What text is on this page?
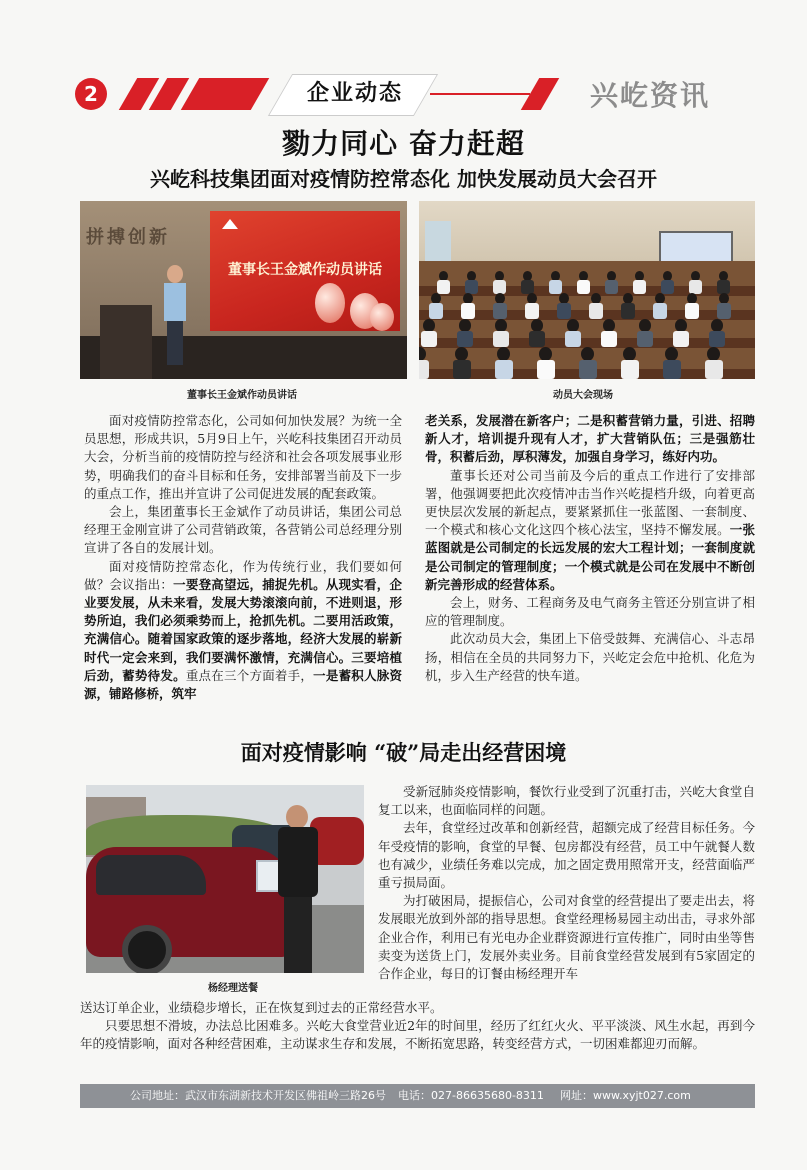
2	企业动态	兴屹资讯
勠力同心 奋力赶超
兴屹科技集团面对疫情防控常态化 加快发展动员大会召开
拼搏创新
董事长王金斌作动员讲话
董事长王金斌作动员讲话	动员大会现场

面对疫情防控常态化，公司如何加快发展？为统一全员思想，形成共识，5月9日上午，兴屹科技集团召开动员大会，分析当前的疫情防控与经济和社会各项发展事业形势，明确我们的奋斗目标和任务，安排部署当前及下一步的重点工作，推出并宣讲了公司促进发展的配套政策。

会上，集团董事长王金斌作了动员讲话，集团公司总经理王金刚宣讲了公司营销政策，各营销公司总经理分别宣讲了各自的发展计划。

面对疫情防控常态化，作为传统行业，我们要如何做？会议指出：一要登高望远，捕捉先机。从现实看，企业要发展，从未来看，发展大势滚滚向前，不进则退，形势所迫，我们必须乘势而上，抢抓先机。二要用活政策，充满信心。随着国家政策的逐步落地，经济大发展的崭新时代一定会来到，我们要满怀激情，充满信心。三要培植后劲，蓄势待发。重点在三个方面着手，一是蓄积人脉资源，铺路修桥，筑牢

老关系，发展潜在新客户；二是积蓄营销力量，引进、招聘新人才，培训提升现有人才，扩大营销队伍；三是强筋壮骨，积蓄后劲，厚积薄发，加强自身学习，练好内功。

董事长还对公司当前及今后的重点工作进行了安排部署，他强调要把此次疫情冲击当作兴屹提档升级，向着更高更快层次发展的新起点，要紧紧抓住一张蓝图、一套制度、一个模式和核心文化这四个核心法宝，坚持不懈发展。一张蓝图就是公司制定的长远发展的宏大工程计划；一套制度就是公司制定的管理制度；一个模式就是公司在发展中不断创新完善形成的经营体系。

会上，财务、工程商务及电气商务主管还分别宣讲了相应的管理制度。

此次动员大会，集团上下倍受鼓舞、充满信心、斗志昂扬，相信在全员的共同努力下，兴屹定会危中抢机、化危为机，步入生产经营的快车道。

面对疫情影响 “破”局走出经营困境
杨经理送餐

受新冠肺炎疫情影响，餐饮行业受到了沉重打击，兴屹大食堂自复工以来，也面临同样的问题。

去年，食堂经过改革和创新经营，超额完成了经营目标任务。今年受疫情的影响，食堂的早餐、包房都没有经营，员工中午就餐人数也有减少，业绩任务难以完成，加之固定费用照常开支，经营面临严重亏损局面。

为打破困局，提振信心，公司对食堂的经营提出了要走出去，将发展眼光放到外部的指导思想。食堂经理杨易园主动出击，寻求外部企业合作，利用已有光电办企业群资源进行宣传推广，同时由坐等售卖变为送货上门，发展外卖业务。目前食堂经营发展到有5家固定的合作企业，每日的订餐由杨经理开车

送达订单企业，业绩稳步增长，正在恢复到过去的正常经营水平。

只要思想不滑坡，办法总比困难多。兴屹大食堂营业近2年的时间里，经历了红红火火、平平淡淡、风生水起，再到今年的疫情影响，面对各种经营困难，主动谋求生存和发展，不断拓宽思路，转变经营方式，一切困难都迎刃而解。

公司地址：武汉市东湖新技术开发区佛祖岭三路26号 电话：027-86635680-8311 网址：www.xyjt027.com
